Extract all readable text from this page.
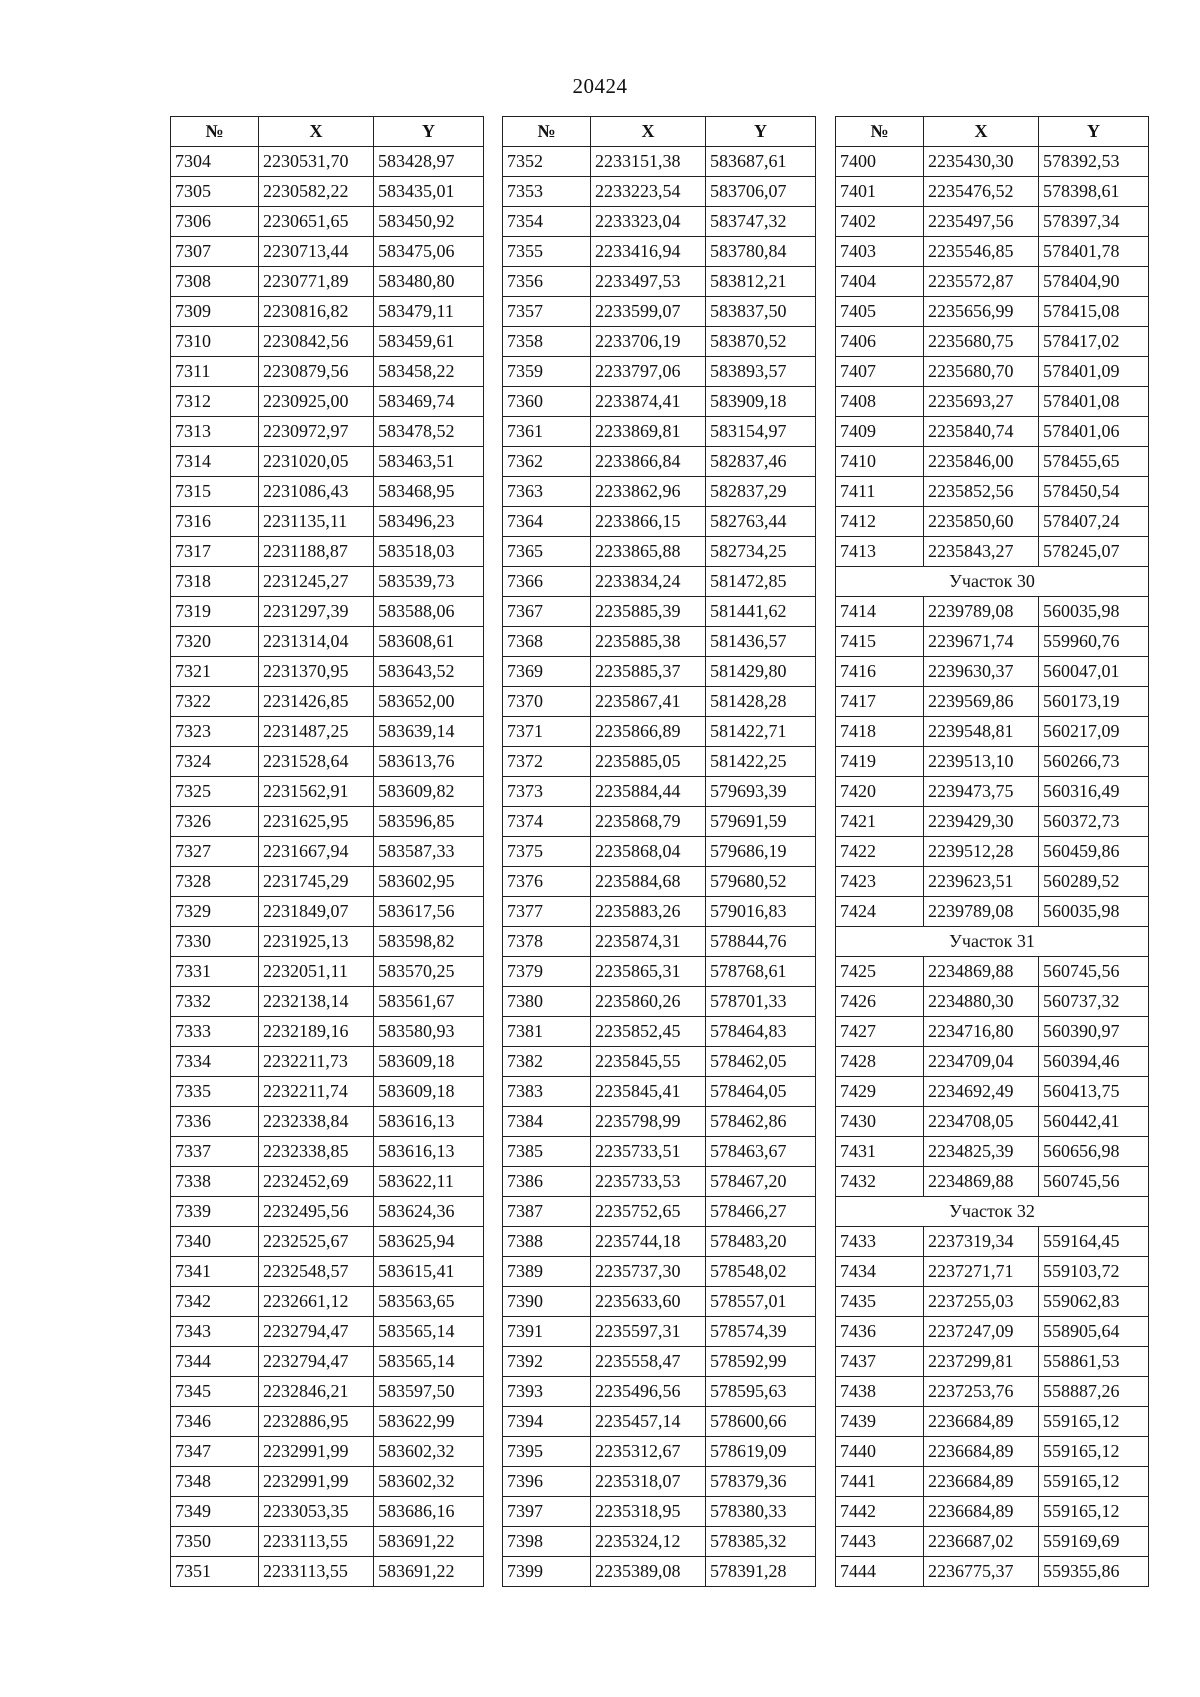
20424
№	X	Y
7304	2230531,70	583428,97
7305	2230582,22	583435,01
7306	2230651,65	583450,92
7307	2230713,44	583475,06
7308	2230771,89	583480,80
7309	2230816,82	583479,11
7310	2230842,56	583459,61
7311	2230879,56	583458,22
7312	2230925,00	583469,74
7313	2230972,97	583478,52
7314	2231020,05	583463,51
7315	2231086,43	583468,95
7316	2231135,11	583496,23
7317	2231188,87	583518,03
7318	2231245,27	583539,73
7319	2231297,39	583588,06
7320	2231314,04	583608,61
7321	2231370,95	583643,52
7322	2231426,85	583652,00
7323	2231487,25	583639,14
7324	2231528,64	583613,76
7325	2231562,91	583609,82
7326	2231625,95	583596,85
7327	2231667,94	583587,33
7328	2231745,29	583602,95
7329	2231849,07	583617,56
7330	2231925,13	583598,82
7331	2232051,11	583570,25
7332	2232138,14	583561,67
7333	2232189,16	583580,93
7334	2232211,73	583609,18
7335	2232211,74	583609,18
7336	2232338,84	583616,13
7337	2232338,85	583616,13
7338	2232452,69	583622,11
7339	2232495,56	583624,36
7340	2232525,67	583625,94
7341	2232548,57	583615,41
7342	2232661,12	583563,65
7343	2232794,47	583565,14
7344	2232794,47	583565,14
7345	2232846,21	583597,50
7346	2232886,95	583622,99
7347	2232991,99	583602,32
7348	2232991,99	583602,32
7349	2233053,35	583686,16
7350	2233113,55	583691,22
7351	2233113,55	583691,22
№	X	Y
7352	2233151,38	583687,61
7353	2233223,54	583706,07
7354	2233323,04	583747,32
7355	2233416,94	583780,84
7356	2233497,53	583812,21
7357	2233599,07	583837,50
7358	2233706,19	583870,52
7359	2233797,06	583893,57
7360	2233874,41	583909,18
7361	2233869,81	583154,97
7362	2233866,84	582837,46
7363	2233862,96	582837,29
7364	2233866,15	582763,44
7365	2233865,88	582734,25
7366	2233834,24	581472,85
7367	2235885,39	581441,62
7368	2235885,38	581436,57
7369	2235885,37	581429,80
7370	2235867,41	581428,28
7371	2235866,89	581422,71
7372	2235885,05	581422,25
7373	2235884,44	579693,39
7374	2235868,79	579691,59
7375	2235868,04	579686,19
7376	2235884,68	579680,52
7377	2235883,26	579016,83
7378	2235874,31	578844,76
7379	2235865,31	578768,61
7380	2235860,26	578701,33
7381	2235852,45	578464,83
7382	2235845,55	578462,05
7383	2235845,41	578464,05
7384	2235798,99	578462,86
7385	2235733,51	578463,67
7386	2235733,53	578467,20
7387	2235752,65	578466,27
7388	2235744,18	578483,20
7389	2235737,30	578548,02
7390	2235633,60	578557,01
7391	2235597,31	578574,39
7392	2235558,47	578592,99
7393	2235496,56	578595,63
7394	2235457,14	578600,66
7395	2235312,67	578619,09
7396	2235318,07	578379,36
7397	2235318,95	578380,33
7398	2235324,12	578385,32
7399	2235389,08	578391,28
№	X	Y
7400	2235430,30	578392,53
7401	2235476,52	578398,61
7402	2235497,56	578397,34
7403	2235546,85	578401,78
7404	2235572,87	578404,90
7405	2235656,99	578415,08
7406	2235680,75	578417,02
7407	2235680,70	578401,09
7408	2235693,27	578401,08
7409	2235840,74	578401,06
7410	2235846,00	578455,65
7411	2235852,56	578450,54
7412	2235850,60	578407,24
7413	2235843,27	578245,07
Участок 30		
7414	2239789,08	560035,98
7415	2239671,74	559960,76
7416	2239630,37	560047,01
7417	2239569,86	560173,19
7418	2239548,81	560217,09
7419	2239513,10	560266,73
7420	2239473,75	560316,49
7421	2239429,30	560372,73
7422	2239512,28	560459,86
7423	2239623,51	560289,52
7424	2239789,08	560035,98
Участок 31		
7425	2234869,88	560745,56
7426	2234880,30	560737,32
7427	2234716,80	560390,97
7428	2234709,04	560394,46
7429	2234692,49	560413,75
7430	2234708,05	560442,41
7431	2234825,39	560656,98
7432	2234869,88	560745,56
Участок 32		
7433	2237319,34	559164,45
7434	2237271,71	559103,72
7435	2237255,03	559062,83
7436	2237247,09	558905,64
7437	2237299,81	558861,53
7438	2237253,76	558887,26
7439	2236684,89	559165,12
7440	2236684,89	559165,12
7441	2236684,89	559165,12
7442	2236684,89	559165,12
7443	2236687,02	559169,69
7444	2236775,37	559355,86
